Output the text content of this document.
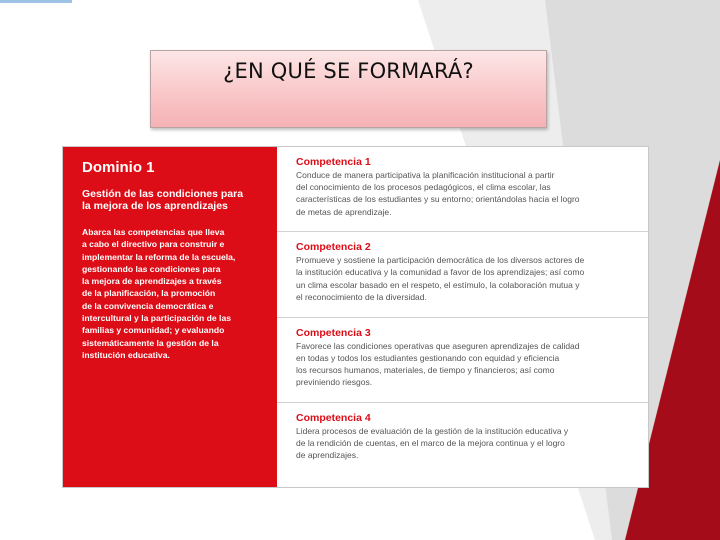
¿EN QUÉ SE FORMARÁ?
Dominio 1
Gestión de las condiciones para
la mejora de los aprendizajes
Abarca las competencias que lleva
a cabo el directivo para construir e
implementar la reforma de la escuela,
gestionando las condiciones para
la mejora de aprendizajes a través
de la planificación, la promoción
de la convivencia democrática e
intercultural y la participación de las
familias y comunidad; y evaluando
sistemáticamente la gestión de la
institución educativa.
Competencia 1
Conduce de manera participativa la planificación institucional a partir
del conocimiento de los procesos pedagógicos, el clima escolar, las
características de los estudiantes y su entorno; orientándolas hacia el logro
de metas de aprendizaje.
Competencia 2
Promueve y sostiene la participación democrática de los diversos actores de
la institución educativa y la comunidad a favor de los aprendizajes; así como
un clima escolar basado en el respeto, el estímulo, la colaboración mutua y
el reconocimiento de la diversidad.
Competencia 3
Favorece las condiciones operativas que aseguren aprendizajes de calidad
en todas y todos los estudiantes gestionando con equidad y eficiencia
los recursos humanos, materiales, de tiempo y financieros; así como
previniendo riesgos.
Competencia 4
Lidera procesos de evaluación de la gestión de la institución educativa y
de la rendición de cuentas, en el marco de la mejora continua y el logro
de aprendizajes.
